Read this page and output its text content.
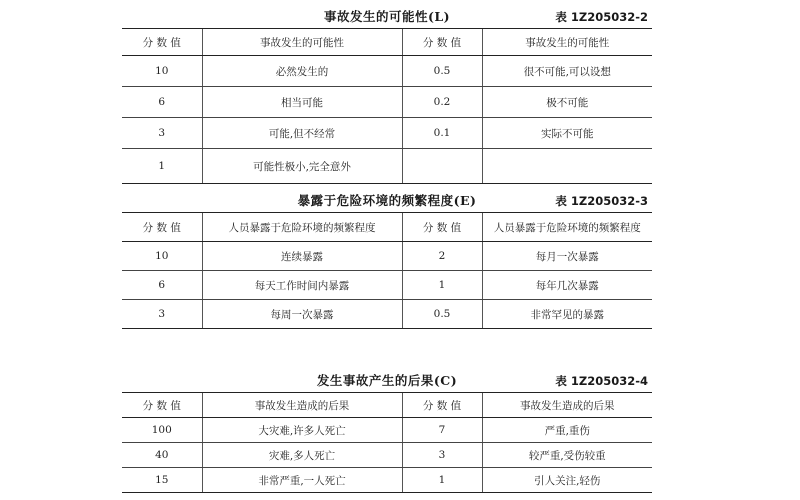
事故发生的可能性(L)	表 1Z205032-2
分 数 值	事故发生的可能性	分 数 值	事故发生的可能性
10	必然发生的	0.5	很不可能,可以设想
6	相当可能	0.2	极不可能
3	可能,但不经常	0.1	实际不可能
1	可能性极小,完全意外		
暴露于危险环境的频繁程度(E)	表 1Z205032-3
分 数 值	人员暴露于危险环境的频繁程度	分 数 值	人员暴露于危险环境的频繁程度
10	连续暴露	2	每月一次暴露
6	每天工作时间内暴露	1	每年几次暴露
3	每周一次暴露	0.5	非常罕见的暴露
发生事故产生的后果(C)	表 1Z205032-4
分 数 值	事故发生造成的后果	分 数 值	事故发生造成的后果
100	大灾难,许多人死亡	7	严重,重伤
40	灾难,多人死亡	3	较严重,受伤较重
15	非常严重,一人死亡	1	引人关注,轻伤
